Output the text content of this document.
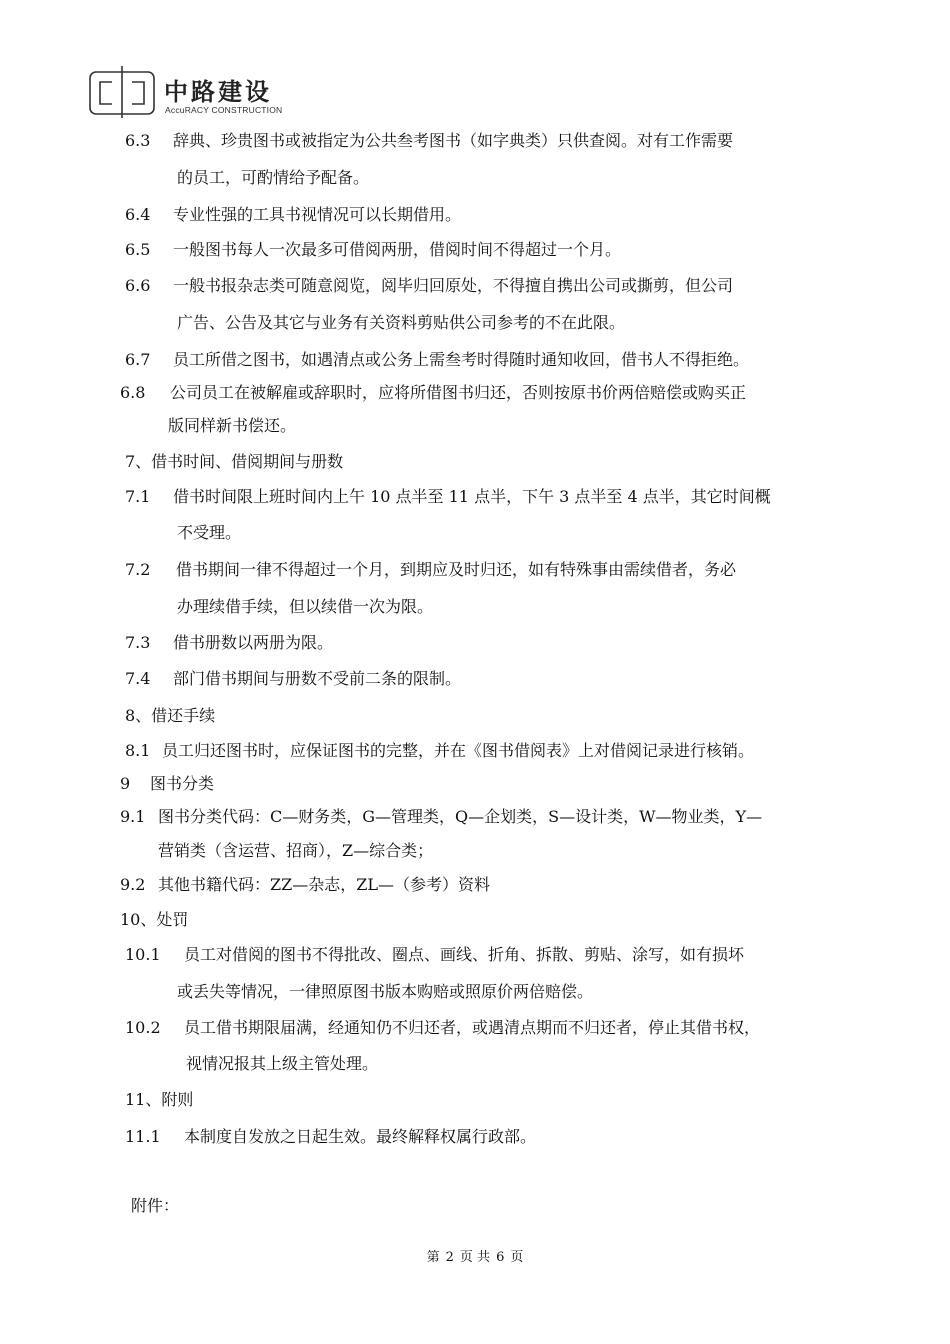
中路建设
AccuRACY CONSTRUCTION
6.3 辞典、珍贵图书或被指定为公共叁考图书（如字典类）只供查阅。对有工作需要
的员工，可酌情给予配备。
6.4 专业性强的工具书视情况可以长期借用。
6.5 一般图书每人一次最多可借阅两册，借阅时间不得超过一个月。
6.6 一般书报杂志类可随意阅览，阅毕归回原处，不得擅自携出公司或撕剪，但公司
广告、公告及其它与业务有关资料剪贴供公司参考的不在此限。
6.7 员工所借之图书，如遇清点或公务上需叁考时得随时通知收回，借书人不得拒绝。
6.8 公司员工在被解雇或辞职时，应将所借图书归还，否则按原书价两倍赔偿或购买正
版同样新书偿还。
7、借书时间、借阅期间与册数
7.1 借书时间限上班时间内上午 10 点半至 11 点半，下午 3 点半至 4 点半，其它时间概
不受理。
7.2 借书期间一律不得超过一个月，到期应及时归还，如有特殊事由需续借者，务必
办理续借手续，但以续借一次为限。
7.3 借书册数以两册为限。
7.4 部门借书期间与册数不受前二条的限制。
8、借还手续
8.1 员工归还图书时，应保证图书的完整，并在《图书借阅表》上对借阅记录进行核销。
9 图书分类
9.1 图书分类代码：C—财务类，G—管理类，Q—企划类，S—设计类，W—物业类，Y—
营销类（含运营、招商），Z—综合类；
9.2 其他书籍代码：ZZ—杂志，ZL—（参考）资料
10、处罚
10.1 员工对借阅的图书不得批改、圈点、画线、折角、拆散、剪贴、涂写，如有损坏
或丢失等情况，一律照原图书版本购赔或照原价两倍赔偿。
10.2 员工借书期限届满，经通知仍不归还者，或遇清点期而不归还者，停止其借书权，
视情况报其上级主管处理。
11、附则
11.1 本制度自发放之日起生效。最终解释权属行政部。
附件：
第 2 页 共 6 页
